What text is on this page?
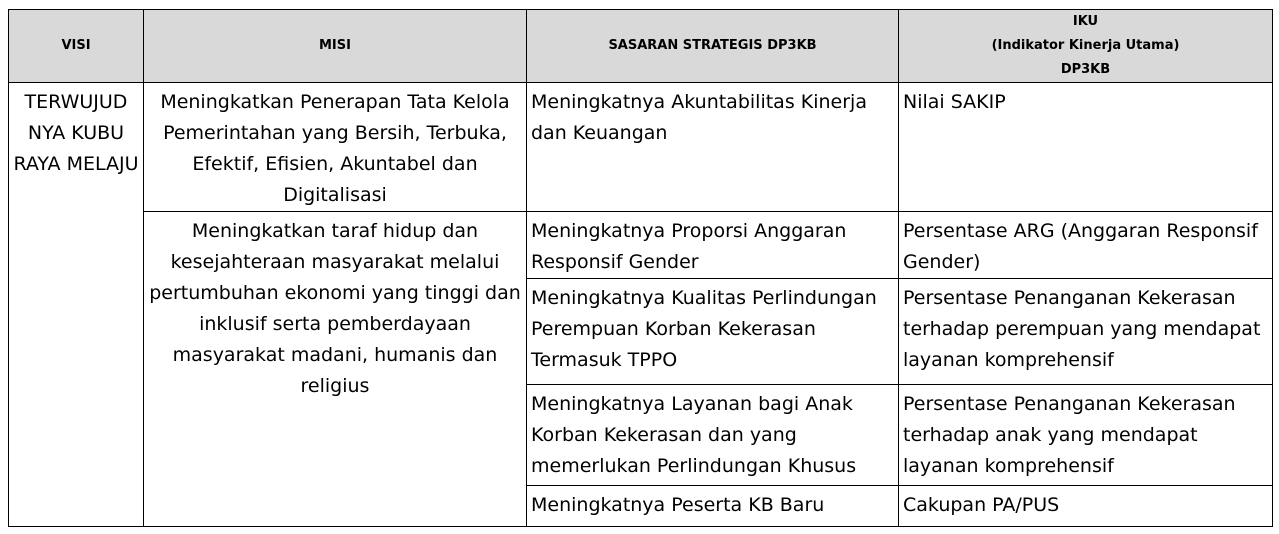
VISI	MISI	SASARAN STRATEGIS DP3KB	IKU
(Indikator Kinerja Utama)
DP3KB

TERWUJUD NYA KUBU RAYA MELAJU	Meningkatkan Penerapan Tata Kelola Pemerintahan yang Bersih, Terbuka, Efektif, Efisien, Akuntabel dan Digitalisasi	Meningkatnya Akuntabilitas Kinerja dan Keuangan	Nilai SAKIP
	Meningkatkan taraf hidup dan kesejahteraan masyarakat melalui pertumbuhan ekonomi yang tinggi dan inklusif serta pemberdayaan masyarakat madani, humanis dan religius	Meningkatnya Proporsi Anggaran Responsif Gender	Persentase ARG (Anggaran Responsif Gender)
		Meningkatnya Kualitas Perlindungan Perempuan Korban Kekerasan Termasuk TPPO	Persentase Penanganan Kekerasan terhadap perempuan yang mendapat layanan komprehensif
		Meningkatnya Layanan bagi Anak Korban Kekerasan dan yang memerlukan Perlindungan Khusus	Persentase Penanganan Kekerasan terhadap anak yang mendapat layanan komprehensif
		Meningkatnya Peserta KB Baru	Cakupan PA/PUS
